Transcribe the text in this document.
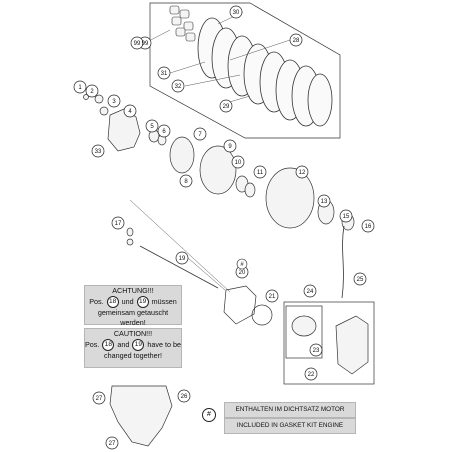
30
28
31
32
29
99
1
2
3
4
5
6	7
8
9
10
11	12
13
15
16
17
19
20
21
25
24
23
22
33
27	26
27
99
#
ACHTUNG!!!
Pos. 18 und 19 müssen
gemeinsam getauscht werden!
CAUTION!!!
Pos. 18 and 19 have to be
changed together!
#
ENTHALTEN IM DICHTSATZ MOTOR
INCLUDED IN GASKET KIT ENGINE
